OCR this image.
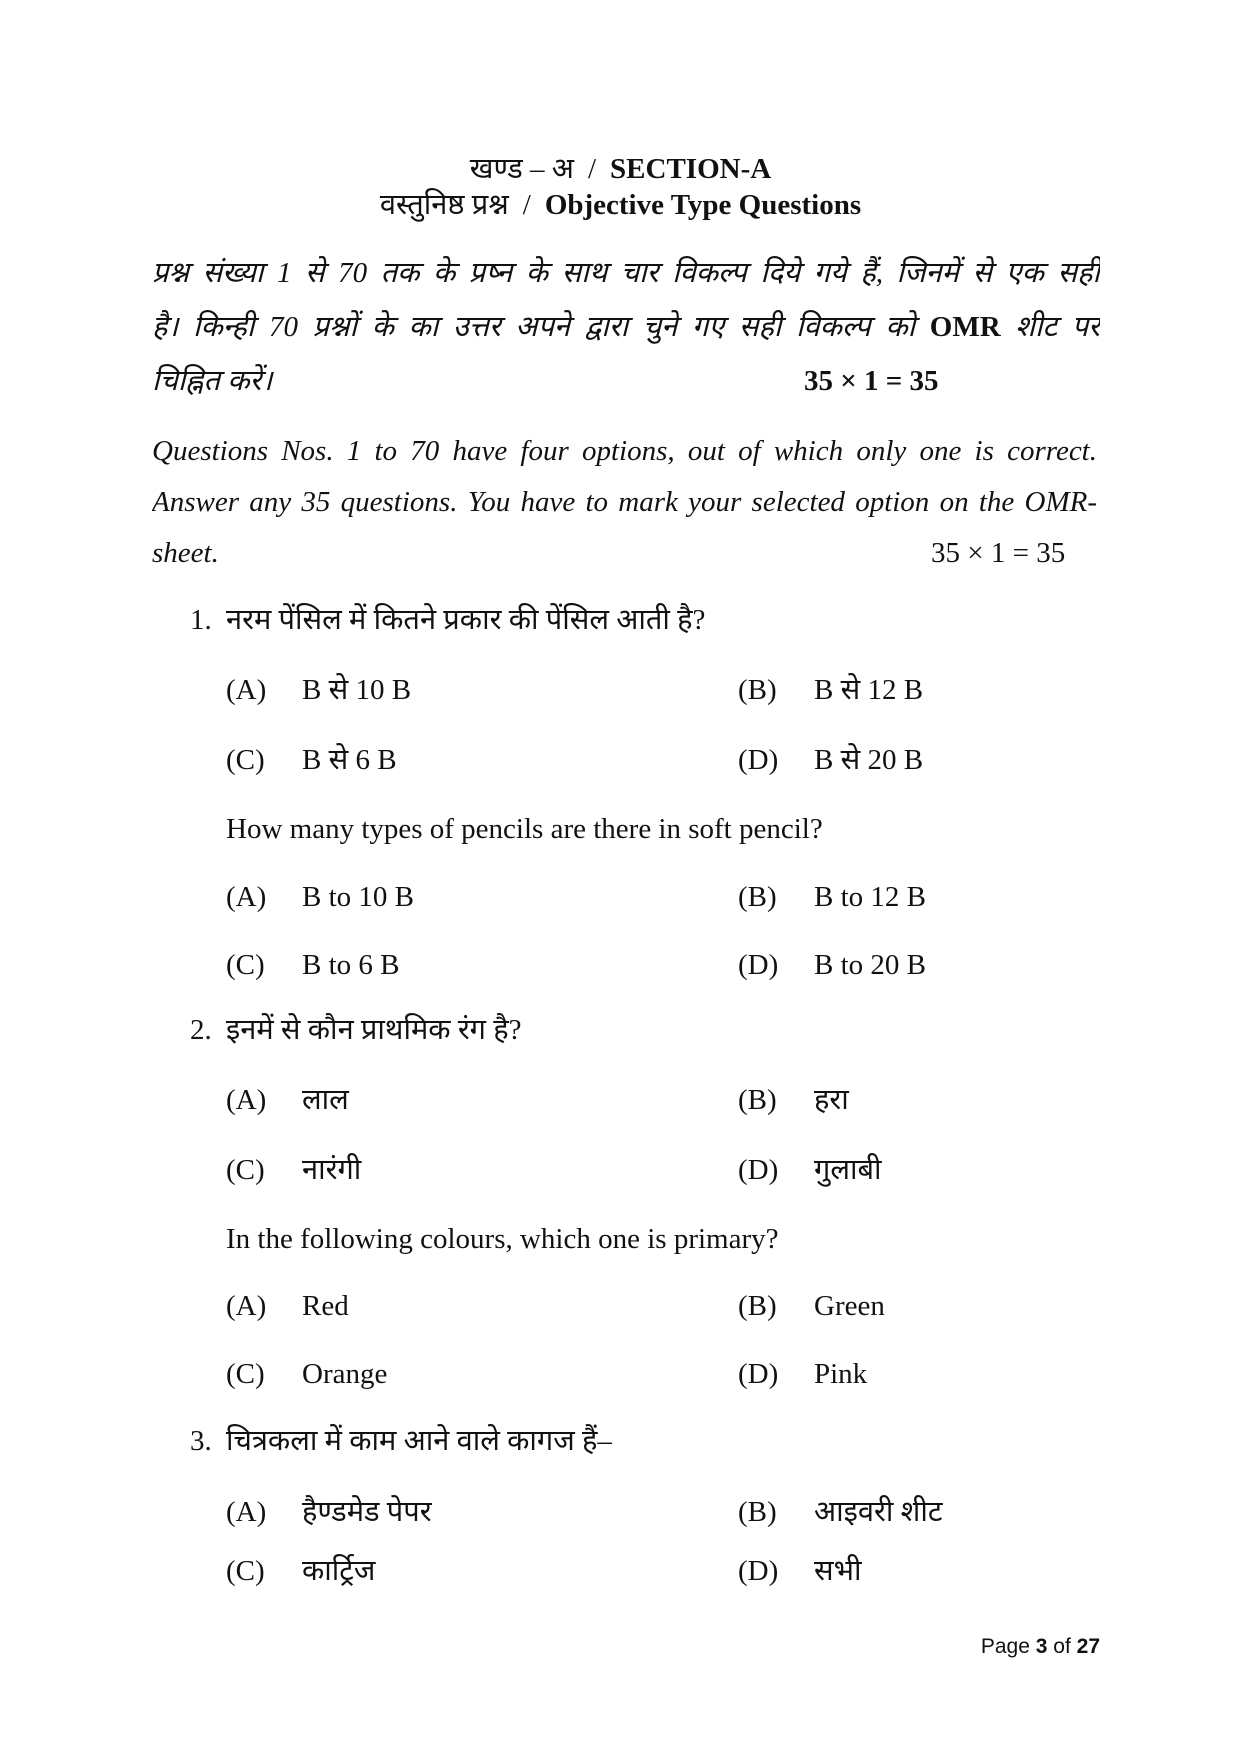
खण्ड – अ / SECTION-A
वस्तुनिष्ठ प्रश्न / Objective Type Questions
प्रश्न संख्या 1 से 70 तक के प्रष्न के साथ चार विकल्प दिये गये हैं, जिनमें से एक सही
है। किन्ही 70 प्रश्नों के का उत्तर अपने द्वारा चुने गए सही विकल्प को OMR शीट पर
चिह्नित करें।	35 × 1 = 35
Questions Nos. 1 to 70 have four options, out of which only one is correct.
Answer any 35 questions. You have to mark your selected option on the OMR-
sheet.	35 × 1 = 35
1. नरम पेंसिल में कितने प्रकार की पेंसिल आती है?
(A) B से 10 B	(B) B से 12 B
(C) B से 6 B	(D) B से 20 B
How many types of pencils are there in soft pencil?
(A) B to 10 B	(B) B to 12 B
(C) B to 6 B	(D) B to 20 B
2. इनमें से कौन प्राथमिक रंग है?
(A) लाल	(B) हरा
(C) नारंगी	(D) गुलाबी
In the following colours, which one is primary?
(A) Red	(B) Green
(C) Orange	(D) Pink
3. चित्रकला में काम आने वाले कागज हैं–
(A) हैण्डमेड पेपर	(B) आइवरी शीट
(C) कार्ट्रिज	(D) सभी
Page 3 of 27
